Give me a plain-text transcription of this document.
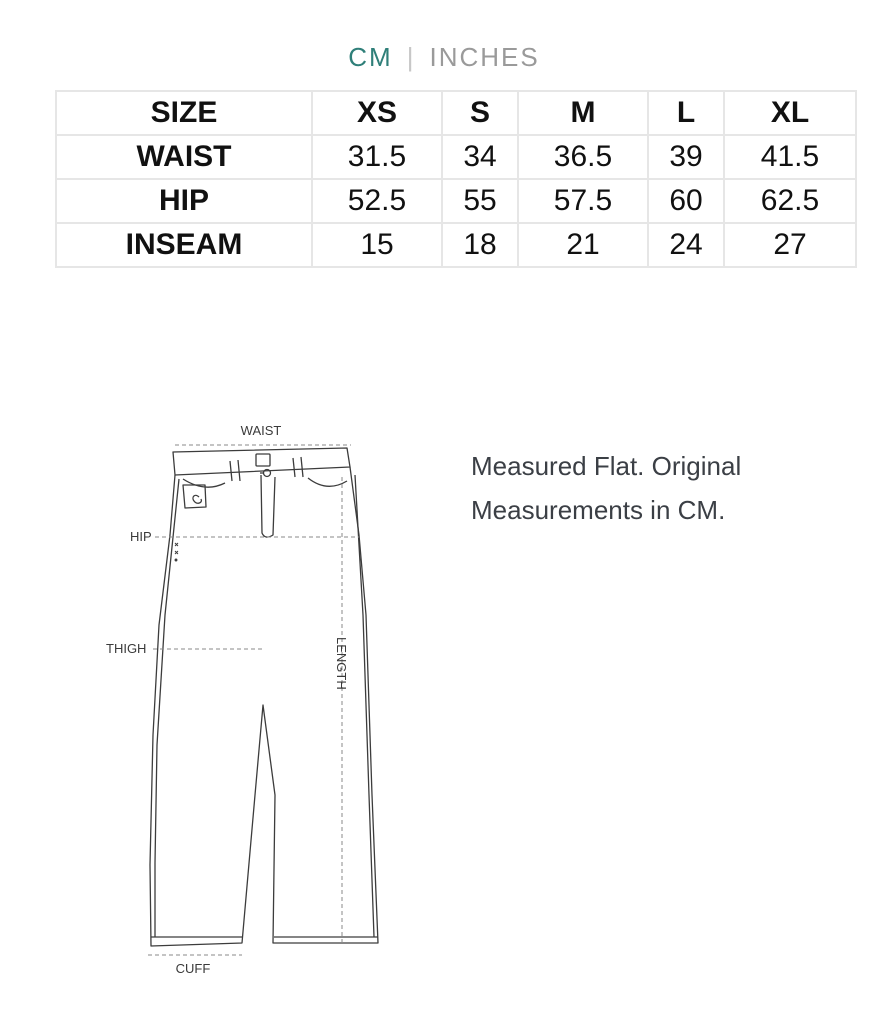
CM | INCHES
SIZE	XS	S	M	L	XL
WAIST	31.5	34	36.5	39	41.5
HIP	52.5	55	57.5	60	62.5
INSEAM	15	18	21	24	27
WAIST
HIP
THIGH	LENGTH
CUFF
Measured Flat. Original
Measurements in CM.
